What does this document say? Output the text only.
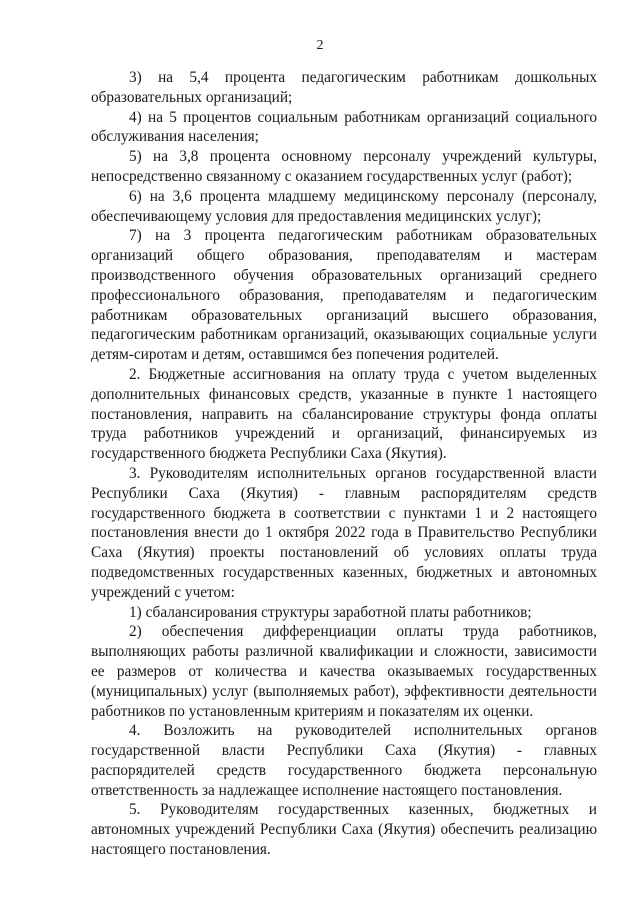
2

3) на 5,4 процента педагогическим работникам дошкольных образовательных организаций;

4) на 5 процентов социальным работникам организаций социального обслуживания населения;

5) на 3,8 процента основному персоналу учреждений культуры, непосредственно связанному с оказанием государственных услуг (работ);

6) на 3,6 процента младшему медицинскому персоналу (персоналу, обеспечивающему условия для предоставления медицинских услуг);

7) на 3 процента педагогическим работникам образовательных организаций общего образования, преподавателям и мастерам производственного обучения образовательных организаций среднего профессионального образования, преподавателям и педагогическим работникам образовательных организаций высшего образования, педагогическим работникам организаций, оказывающих социальные услуги детям-сиротам и детям, оставшимся без попечения родителей.

2. Бюджетные ассигнования на оплату труда с учетом выделенных дополнительных финансовых средств, указанные в пункте 1 настоящего постановления, направить на сбалансирование структуры фонда оплаты труда работников учреждений и организаций, финансируемых из государственного бюджета Республики Саха (Якутия).

3. Руководителям исполнительных органов государственной власти Республики Саха (Якутия) - главным распорядителям средств государственного бюджета в соответствии с пунктами 1 и 2 настоящего постановления внести до 1 октября 2022 года в Правительство Республики Саха (Якутия) проекты постановлений об условиях оплаты труда подведомственных государственных казенных, бюджетных и автономных учреждений с учетом:

1) сбалансирования структуры заработной платы работников;

2) обеспечения дифференциации оплаты труда работников, выполняющих работы различной квалификации и сложности, зависимости ее размеров от количества и качества оказываемых государственных (муниципальных) услуг (выполняемых работ), эффективности деятельности работников по установленным критериям и показателям их оценки.

4. Возложить на руководителей исполнительных органов государственной власти Республики Саха (Якутия) - главных распорядителей средств государственного бюджета персональную ответственность за надлежащее исполнение настоящего постановления.

5. Руководителям государственных казенных, бюджетных и автономных учреждений Республики Саха (Якутия) обеспечить реализацию настоящего постановления.
